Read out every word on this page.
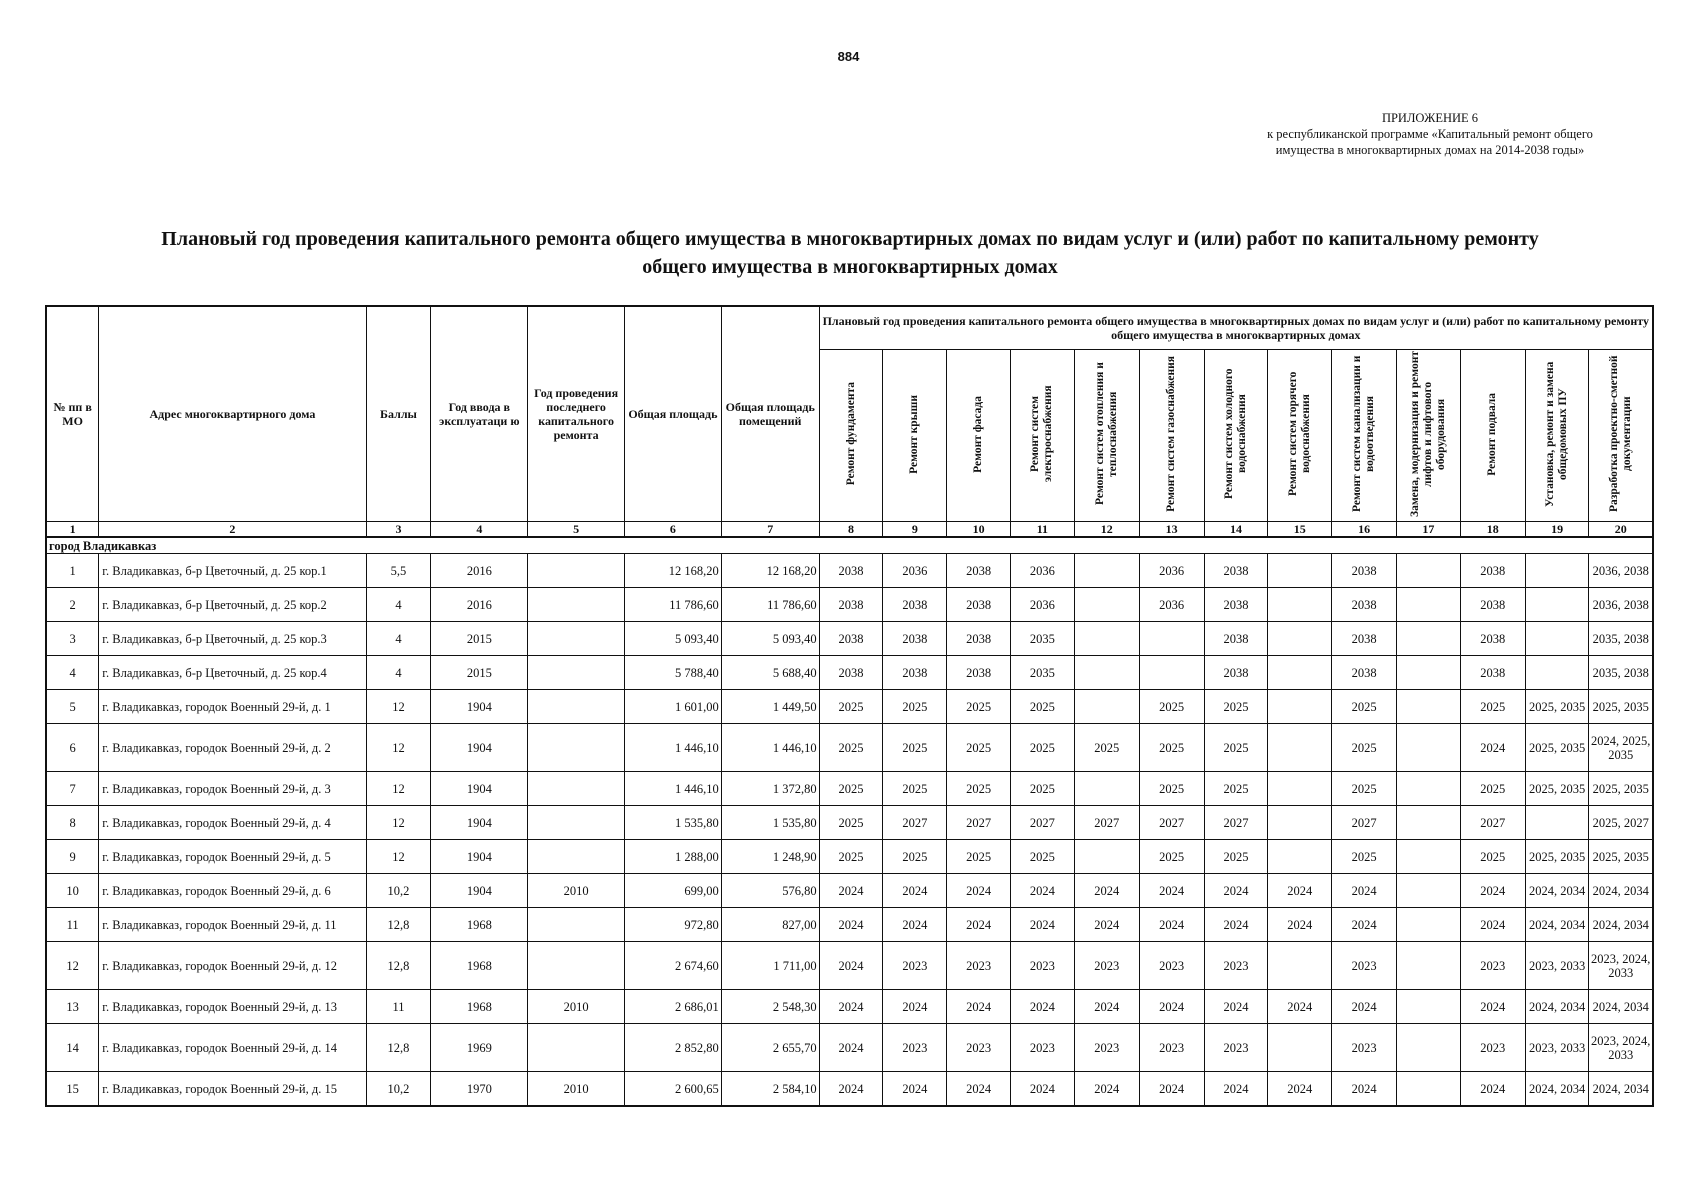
884
ПРИЛОЖЕНИЕ 6
к республиканской программе «Капитальный ремонт общего
имущества в многоквартирных домах на 2014-2038 годы»
Плановый год проведения капитального ремонта общего имущества в многоквартирных домах по видам услуг и (или) работ по капитальному ремонту
общего имущества в многоквартирных домах
№ пп в МО	Адрес многоквартирного дома	Баллы	Год ввода в эксплуатаци ю	Год проведения последнего капитального ремонта	Общая площадь	Общая площадь помещений	Плановый год проведения капитального ремонта общего имущества в многоквартирных домах по видам услуг и (или) работ по капитальному ремонту общего имущества в многоквартирных домах												
							Ремонт фундамента	Ремонт крыши	Ремонт фасада	Ремонт систем электроснабжения	Ремонт систем отопления и теплоснабжения	Ремонт систем газоснабжения	Ремонт систем холодного водоснабжения	Ремонт систем горячего водоснабжения	Ремонт систем канализации и водоотведения	Замена, модернизация и ремонт лифтов и лифтового оборудования	Ремонт подвала	Установка, ремонт и замена общедомовых ПУ	Разработка проектно-сметной документации
1	2	3	4	5	6	7	8	9	10	11	12	13	14	15	16	17	18	19	20
город Владикавказ																			
1	г. Владикавказ, б-р Цветочный, д. 25 кор.1	5,5	2016		12 168,20	12 168,20	2038	2036	2038	2036		2036	2038		2038		2038		2036, 2038
2	г. Владикавказ, б-р Цветочный, д. 25 кор.2	4	2016		11 786,60	11 786,60	2038	2038	2038	2036		2036	2038		2038		2038		2036, 2038
3	г. Владикавказ, б-р Цветочный, д. 25 кор.3	4	2015		5 093,40	5 093,40	2038	2038	2038	2035			2038		2038		2038		2035, 2038
4	г. Владикавказ, б-р Цветочный, д. 25 кор.4	4	2015		5 788,40	5 688,40	2038	2038	2038	2035			2038		2038		2038		2035, 2038
5	г. Владикавказ, городок Военный 29-й, д. 1	12	1904		1 601,00	1 449,50	2025	2025	2025	2025		2025	2025		2025		2025	2025, 2035	2025, 2035
6	г. Владикавказ, городок Военный 29-й, д. 2	12	1904		1 446,10	1 446,10	2025	2025	2025	2025	2025	2025	2025		2025		2024	2025, 2035	2024, 2025, 2035
7	г. Владикавказ, городок Военный 29-й, д. 3	12	1904		1 446,10	1 372,80	2025	2025	2025	2025		2025	2025		2025		2025	2025, 2035	2025, 2035
8	г. Владикавказ, городок Военный 29-й, д. 4	12	1904		1 535,80	1 535,80	2025	2027	2027	2027	2027	2027	2027		2027		2027		2025, 2027
9	г. Владикавказ, городок Военный 29-й, д. 5	12	1904		1 288,00	1 248,90	2025	2025	2025	2025		2025	2025		2025		2025	2025, 2035	2025, 2035
10	г. Владикавказ, городок Военный 29-й, д. 6	10,2	1904	2010	699,00	576,80	2024	2024	2024	2024	2024	2024	2024	2024	2024		2024	2024, 2034	2024, 2034
11	г. Владикавказ, городок Военный 29-й, д. 11	12,8	1968		972,80	827,00	2024	2024	2024	2024	2024	2024	2024	2024	2024		2024	2024, 2034	2024, 2034
12	г. Владикавказ, городок Военный 29-й, д. 12	12,8	1968		2 674,60	1 711,00	2024	2023	2023	2023	2023	2023	2023		2023		2023	2023, 2033	2023, 2024, 2033
13	г. Владикавказ, городок Военный 29-й, д. 13	11	1968	2010	2 686,01	2 548,30	2024	2024	2024	2024	2024	2024	2024	2024	2024		2024	2024, 2034	2024, 2034
14	г. Владикавказ, городок Военный 29-й, д. 14	12,8	1969		2 852,80	2 655,70	2024	2023	2023	2023	2023	2023	2023		2023		2023	2023, 2033	2023, 2024, 2033
15	г. Владикавказ, городок Военный 29-й, д. 15	10,2	1970	2010	2 600,65	2 584,10	2024	2024	2024	2024	2024	2024	2024	2024	2024		2024	2024, 2034	2024, 2034
